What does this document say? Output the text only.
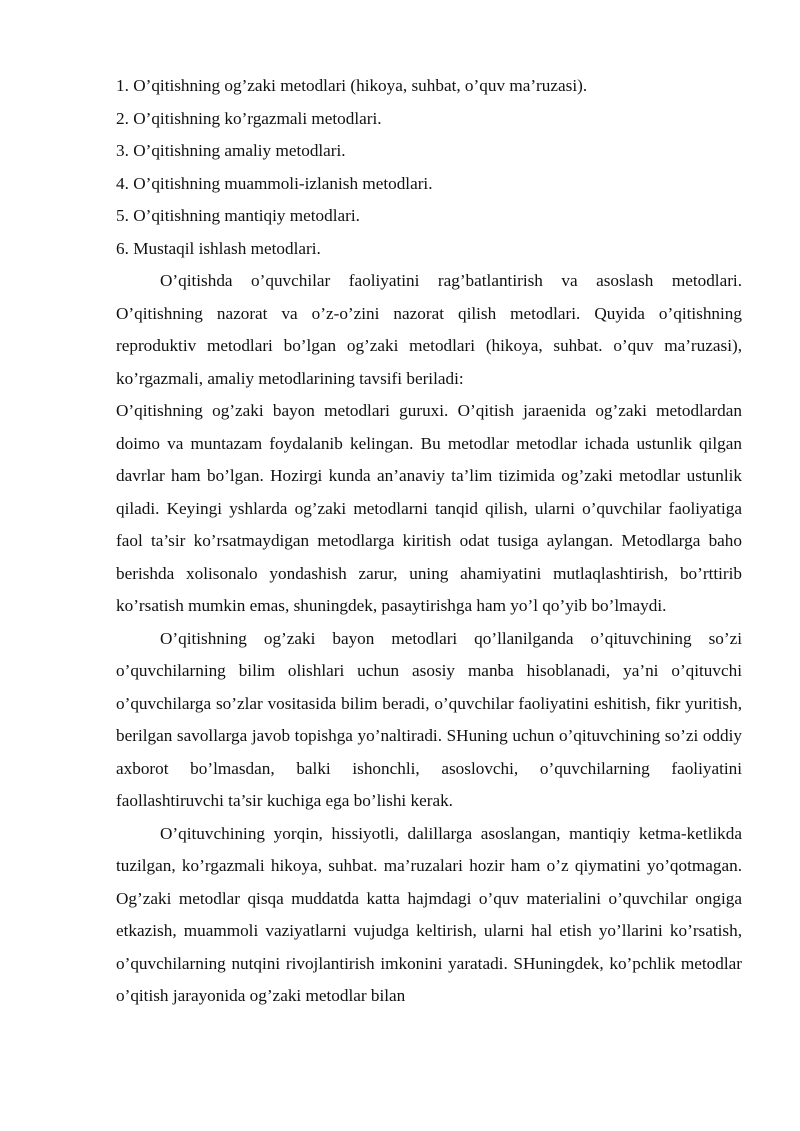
1. O’qitishning og’zaki metodlari (hikoya, suhbat, o’quv ma’ruzasi).

2. O’qitishning ko’rgazmali metodlari.

3. O’qitishning amaliy metodlari.

4. O’qitishning muammoli-izlanish metodlari.

5. O’qitishning mantiqiy metodlari.

6. Mustaqil ishlash metodlari.

O’qitishda o’quvchilar faoliyatini rag’batlantirish va asoslash metodlari. O’qitishning nazorat va o’z-o’zini nazorat qilish metodlari. Quyida o’qitishning reproduktiv metodlari bo’lgan og’zaki metodlari (hikoya, suhbat. o’quv ma’ruzasi), ko’rgazmali, amaliy metodlarining tavsifi beriladi:

O’qitishning og’zaki bayon metodlari guruxi. O’qitish jaraenida og’zaki metodlardan doimo va muntazam foydalanib kelingan. Bu metodlar metodlar ichada ustunlik qilgan davrlar ham bo’lgan. Hozirgi kunda an’anaviy ta’lim tizimida og’zaki metodlar ustunlik qiladi. Keyingi yshlarda og’zaki metodlarni tanqid qilish, ularni o’quvchilar faoliyatiga faol ta’sir ko’rsatmaydigan metodlarga kiritish odat tusiga aylangan. Metodlarga baho berishda xolisonalo yondashish zarur, uning ahamiyatini mutlaqlashtirish, bo’rttirib ko’rsatish mumkin emas, shuningdek, pasaytirishga ham yo’l qo’yib bo’lmaydi.

O’qitishning og’zaki bayon metodlari qo’llanilganda o’qituvchining so’zi o’quvchilarning bilim olishlari uchun asosiy manba hisoblanadi, ya’ni o’qituvchi o’quvchilarga so’zlar vositasida bilim beradi, o’quvchilar faoliyatini eshitish, fikr yuritish, berilgan savollarga javob topishga yo’naltiradi. SHuning uchun o’qituvchining so’zi oddiy axborot bo’lmasdan, balki ishonchli, asoslovchi, o’quvchilarning faoliyatini faollashtiruvchi ta’sir kuchiga ega bo’lishi kerak.

O’qituvchining yorqin, hissiyotli, dalillarga asoslangan, mantiqiy ketma-ketlikda tuzilgan, ko’rgazmali hikoya, suhbat. ma’ruzalari hozir ham o’z qiymatini yo’qotmagan. Og’zaki metodlar qisqa muddatda katta hajmdagi o’quv materialini o’quvchilar ongiga etkazish, muammoli vaziyatlarni vujudga keltirish, ularni hal etish yo’llarini ko’rsatish, o’quvchilarning nutqini rivojlantirish imkonini yaratadi. SHuningdek, ko’pchlik metodlar o’qitish jarayonida og’zaki metodlar bilan
